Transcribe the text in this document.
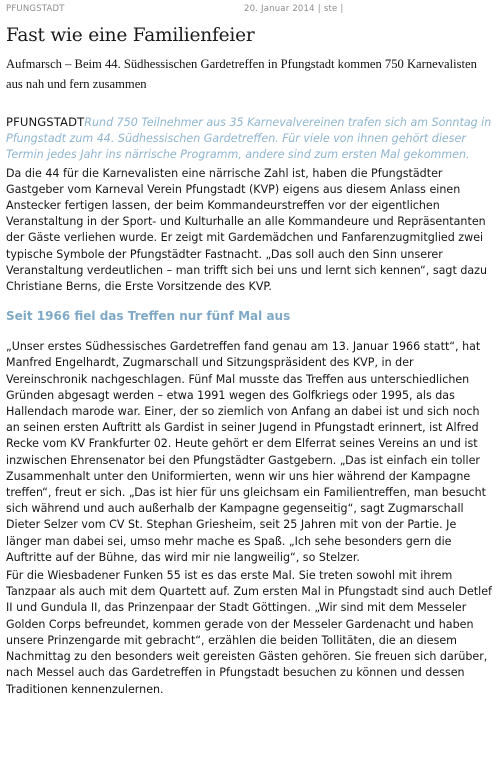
PFUNGSTADT	20. Januar 2014 | ste |
Fast wie eine Familienfeier

Aufmarsch – Beim 44. Südhessischen Gardetreffen in Pfungstadt kommen 750 Karnevalisten aus nah und fern zusammen

PFUNGSTADTRund 750 Teilnehmer aus 35 Karnevalvereinen trafen sich am Sonntag in Pfungstadt zum 44. Südhessischen Gardetreffen. Für viele von ihnen gehört dieser Termin jedes Jahr ins närrische Programm, andere sind zum ersten Mal gekommen.

Da die 44 für die Karnevalisten eine närrische Zahl ist, haben die Pfungstädter Gastgeber vom Karneval Verein Pfungstadt (KVP) eigens aus diesem Anlass einen Anstecker fertigen lassen, der beim Kommandeurstreffen vor der eigentlichen Veranstaltung in der Sport- und Kulturhalle an alle Kommandeure und Repräsentanten der Gäste verliehen wurde. Er zeigt mit Gardemädchen und Fanfarenzugmitglied zwei typische Symbole der Pfungstädter Fastnacht. „Das soll auch den Sinn unserer Veranstaltung verdeutlichen – man trifft sich bei uns und lernt sich kennen“, sagt dazu Christiane Berns, die Erste Vorsitzende des KVP.

Seit 1966 fiel das Treffen nur fünf Mal aus

„Unser erstes Südhessisches Gardetreffen fand genau am 13. Januar 1966 statt“, hat Manfred Engelhardt, Zugmarschall und Sitzungspräsident des KVP, in der Vereinschronik nachgeschlagen. Fünf Mal musste das Treffen aus unterschiedlichen Gründen abgesagt werden – etwa 1991 wegen des Golfkriegs oder 1995, als das Hallendach marode war. Einer, der so ziemlich von Anfang an dabei ist und sich noch an seinen ersten Auftritt als Gardist in seiner Jugend in Pfungstadt erinnert, ist Alfred Recke vom KV Frankfurter 02. Heute gehört er dem Elferrat seines Vereins an und ist inzwischen Ehrensenator bei den Pfungstädter Gastgebern. „Das ist einfach ein toller Zusammenhalt unter den Uniformierten, wenn wir uns hier während der Kampagne treffen“, freut er sich. „Das ist hier für uns gleichsam ein Familientreffen, man besucht sich während und auch außerhalb der Kampagne gegenseitig“, sagt Zugmarschall Dieter Selzer vom CV St. Stephan Griesheim, seit 25 Jahren mit von der Partie. Je länger man dabei sei, umso mehr mache es Spaß. „Ich sehe besonders gern die Auftritte auf der Bühne, das wird mir nie langweilig“, so Stelzer.

Für die Wiesbadener Funken 55 ist es das erste Mal. Sie treten sowohl mit ihrem Tanzpaar als auch mit dem Quartett auf. Zum ersten Mal in Pfungstadt sind auch Detlef II und Gundula II, das Prinzenpaar der Stadt Göttingen. „Wir sind mit dem Messeler Golden Corps befreundet, kommen gerade von der Messeler Gardenacht und haben unsere Prinzengarde mit gebracht“, erzählen die beiden Tollitäten, die an diesem Nachmittag zu den besonders weit gereisten Gästen gehören. Sie freuen sich darüber, nach Messel auch das Gardetreffen in Pfungstadt besuchen zu können und dessen Traditionen kennenzulernen.
